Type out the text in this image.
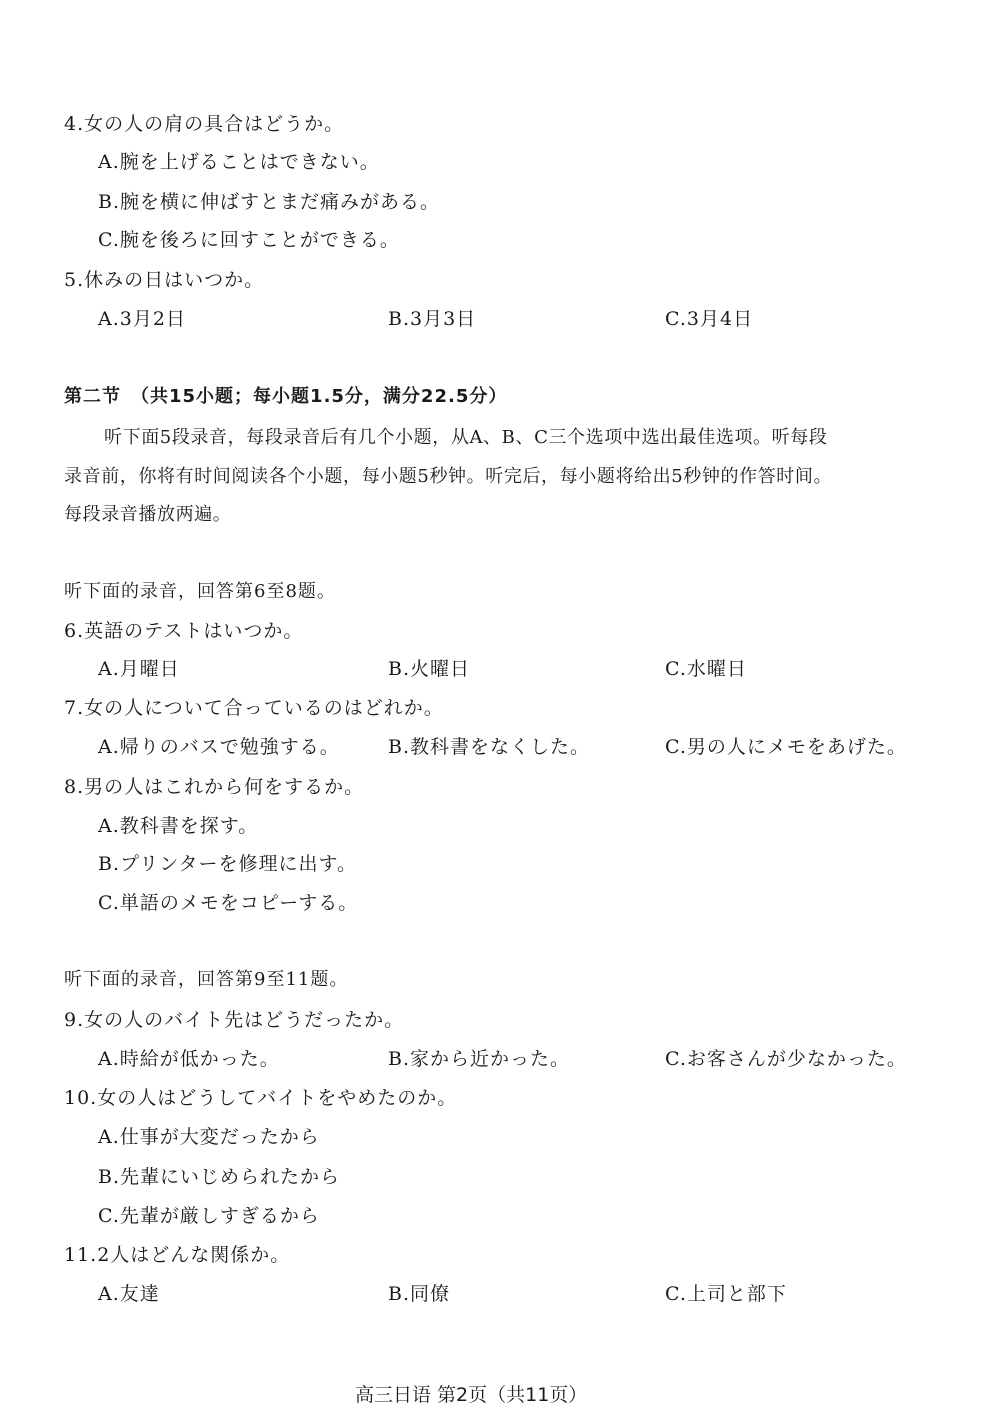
4.女の人の肩の具合はどうか。
A.腕を上げることはできない。
B.腕を横に伸ばすとまだ痛みがある。
C.腕を後ろに回すことができる。
5.休みの日はいつか。
A.3月2日	B.3月3日	C.3月4日
第二节　（共15小题；每小题1.5分，满分22.5分）
听下面5段录音，每段录音后有几个小题，从A、B、C三个选项中选出最佳选项。听每段
录音前，你将有时间阅读各个小题，每小题5秒钟。听完后，每小题将给出5秒钟的作答时间。
每段录音播放两遍。
听下面的录音，回答第6至8题。
6.英語のテストはいつか。
A.月曜日	B.火曜日	C.水曜日
7.女の人について合っているのはどれか。
A.帰りのバスで勉強する。	B.教科書をなくした。	C.男の人にメモをあげた。
8.男の人はこれから何をするか。
A.教科書を探す。
B.プリンターを修理に出す。
C.単語のメモをコピーする。
听下面的录音，回答第9至11题。
9.女の人のバイト先はどうだったか。
A.時給が低かった。	B.家から近かった。	C.お客さんが少なかった。
10.女の人はどうしてバイトをやめたのか。
A.仕事が大変だったから
B.先輩にいじめられたから
C.先輩が厳しすぎるから
11.2人はどんな関係か。
A.友達	B.同僚	C.上司と部下
高三日语 第2页（共11页）
